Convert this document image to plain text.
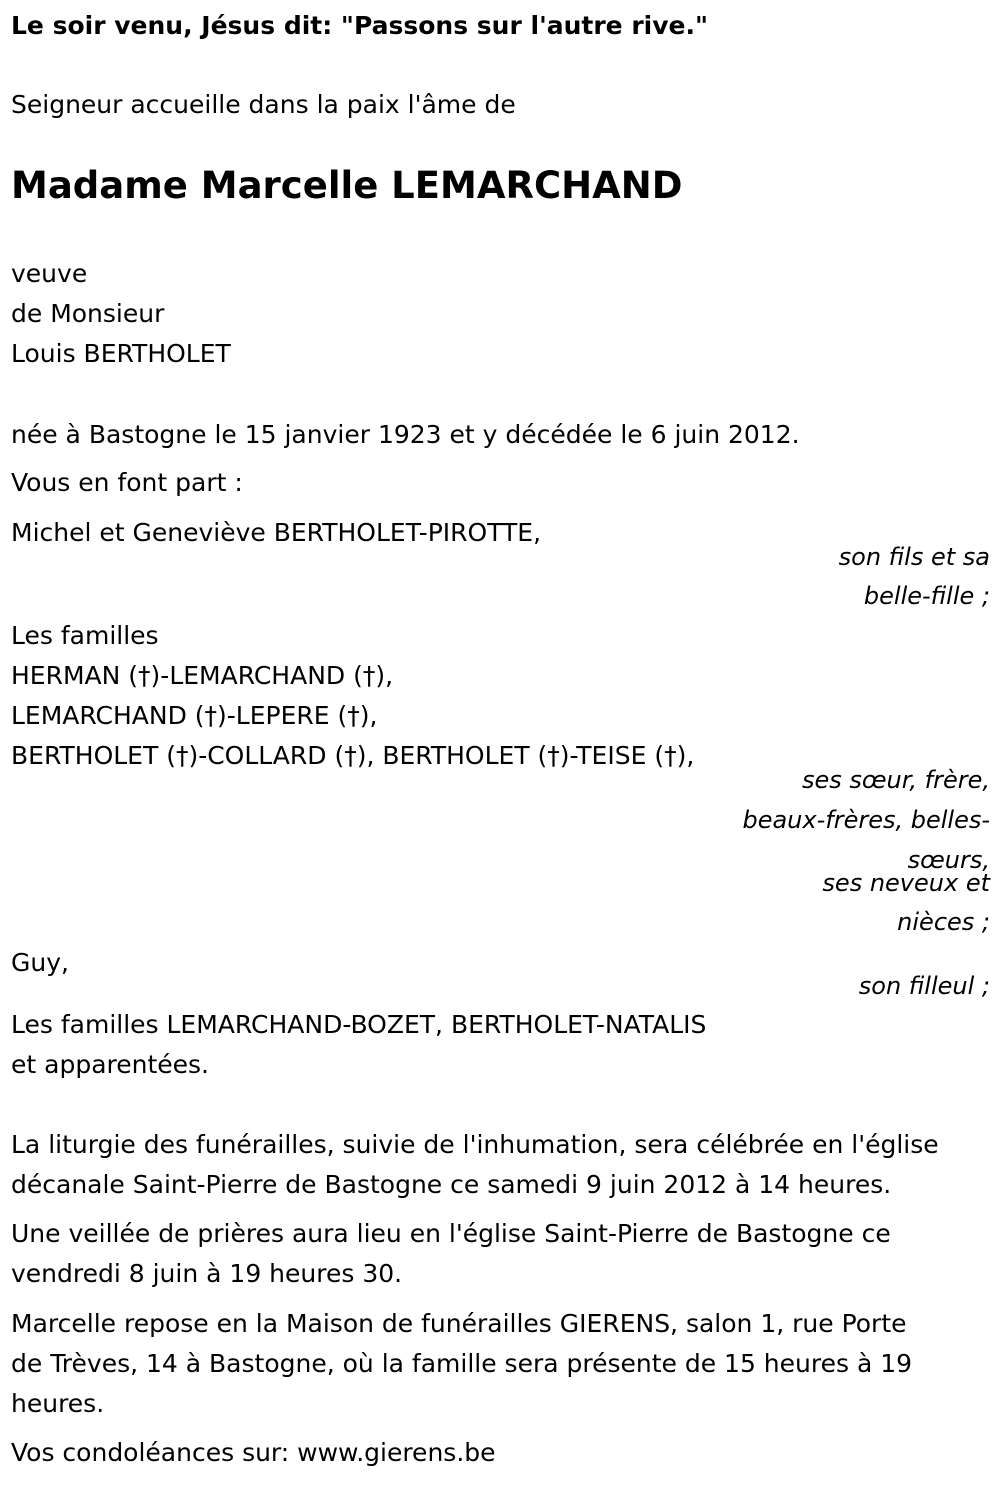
Le soir venu, Jésus dit: "Passons sur l'autre rive."
Seigneur accueille dans la paix l'âme de
Madame Marcelle LEMARCHAND
veuve
de Monsieur
Louis BERTHOLET
née à Bastogne le 15 janvier 1923 et y décédée le 6 juin 2012.
Vous en font part :
Michel et Geneviève BERTHOLET-PIROTTE,
son fils et sa
belle-fille ;
Les familles
HERMAN (†)-LEMARCHAND (†),
LEMARCHAND (†)-LEPERE (†),
BERTHOLET (†)-COLLARD (†), BERTHOLET (†)-TEISE (†),
ses sœur, frère,
beaux-frères, belles-
sœurs,
ses neveux et
nièces ;
Guy,
son filleul ;
Les familles LEMARCHAND-BOZET, BERTHOLET-NATALIS
et apparentées.
La liturgie des funérailles, suivie de l'inhumation, sera célébrée en l'église
décanale Saint-Pierre de Bastogne ce samedi 9 juin 2012 à 14 heures.
Une veillée de prières aura lieu en l'église Saint-Pierre de Bastogne ce
vendredi 8 juin à 19 heures 30.
Marcelle repose en la Maison de funérailles GIERENS, salon 1, rue Porte
de Trèves, 14 à Bastogne, où la famille sera présente de 15 heures à 19
heures.
Vos condoléances sur: www.gierens.be
